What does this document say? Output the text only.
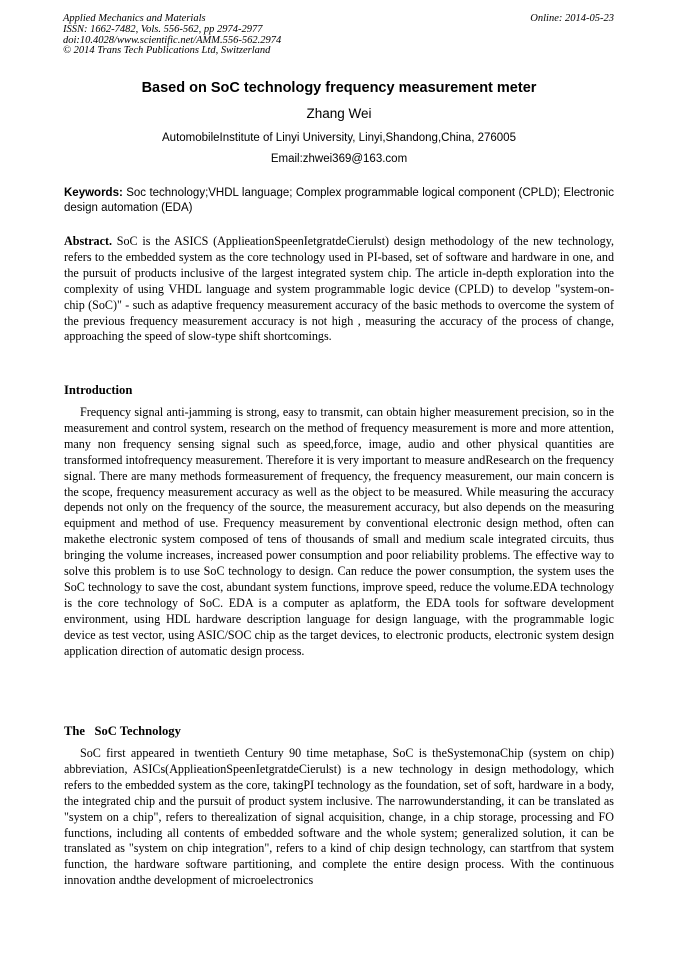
Applied Mechanics and Materials
ISSN: 1662-7482, Vols. 556-562, pp 2974-2977
doi:10.4028/www.scientific.net/AMM.556-562.2974
© 2014 Trans Tech Publications Ltd, Switzerland
Online: 2014-05-23
Based on SoC technology frequency measurement meter
Zhang Wei
AutomobileInstitute of Linyi University, Linyi,Shandong,China, 276005
Email:zhwei369@163.com
Keywords: Soc technology;VHDL language; Complex programmable logical component (CPLD); Electronic design automation (EDA)
Abstract. SoC is the ASICS (ApplieationSpeenIetgratdeCierulst) design methodology of the new technology, refers to the embedded system as the core technology used in PI-based, set of software and hardware in one, and the pursuit of products inclusive of the largest integrated system chip. The article in-depth exploration into the complexity of using VHDL language and system programmable logic device (CPLD) to develop "system-on-chip (SoC)" - such as adaptive frequency measurement accuracy of the basic methods to overcome the system of the previous frequency measurement accuracy is not high , measuring the accuracy of the process of change, approaching the speed of slow-type shift shortcomings.
Introduction
Frequency signal anti-jamming is strong, easy to transmit, can obtain higher measurement precision, so in the measurement and control system, research on the method of frequency measurement is more and more attention, many non frequency sensing signal such as speed,force, image, audio and other physical quantities are transformed intofrequency measurement. Therefore it is very important to measure andResearch on the frequency signal. There are many methods formeasurement of frequency, the frequency measurement, our main concern is the scope, frequency measurement accuracy as well as the object to be measured. While measuring the accuracy depends not only on the frequency of the source, the measurement accuracy, but also depends on the measuring equipment and method of use. Frequency measurement by conventional electronic design method, often can makethe electronic system composed of tens of thousands of small and medium scale integrated circuits, thus bringing the volume increases, increased power consumption and poor reliability problems. The effective way to solve this problem is to use SoC technology to design. Can reduce the power consumption, the system uses the SoC technology to save the cost, abundant system functions, improve speed, reduce the volume.EDA technology is the core technology of SoC. EDA is a computer as aplatform, the EDA tools for software development environment, using HDL hardware description language for design language, with the programmable logic device as test vector, using ASIC/SOC chip as the target devices, to electronic products, electronic system design application direction of automatic design process.
The   SoC Technology
SoC first appeared in twentieth Century 90 time metaphase, SoC is theSystemonaChip (system on chip) abbreviation, ASICs(ApplieationSpeenIetgratdeCierulst) is a new technology in design methodology, which refers to the embedded system as the core, takingPI technology as the foundation, set of soft, hardware in a body, the integrated chip and the pursuit of product system inclusive. The narrowunderstanding, it can be translated as "system on a chip", refers to therealization of signal acquisition, change, in a chip storage, processing and FO functions, including all contents of embedded software and the whole system; generalized solution, it can be translated as "system on chip integration", refers to a kind of chip design technology, can startfrom that system function, the hardware software partitioning, and complete the entire design process. With the continuous innovation andthe development of microelectronics
